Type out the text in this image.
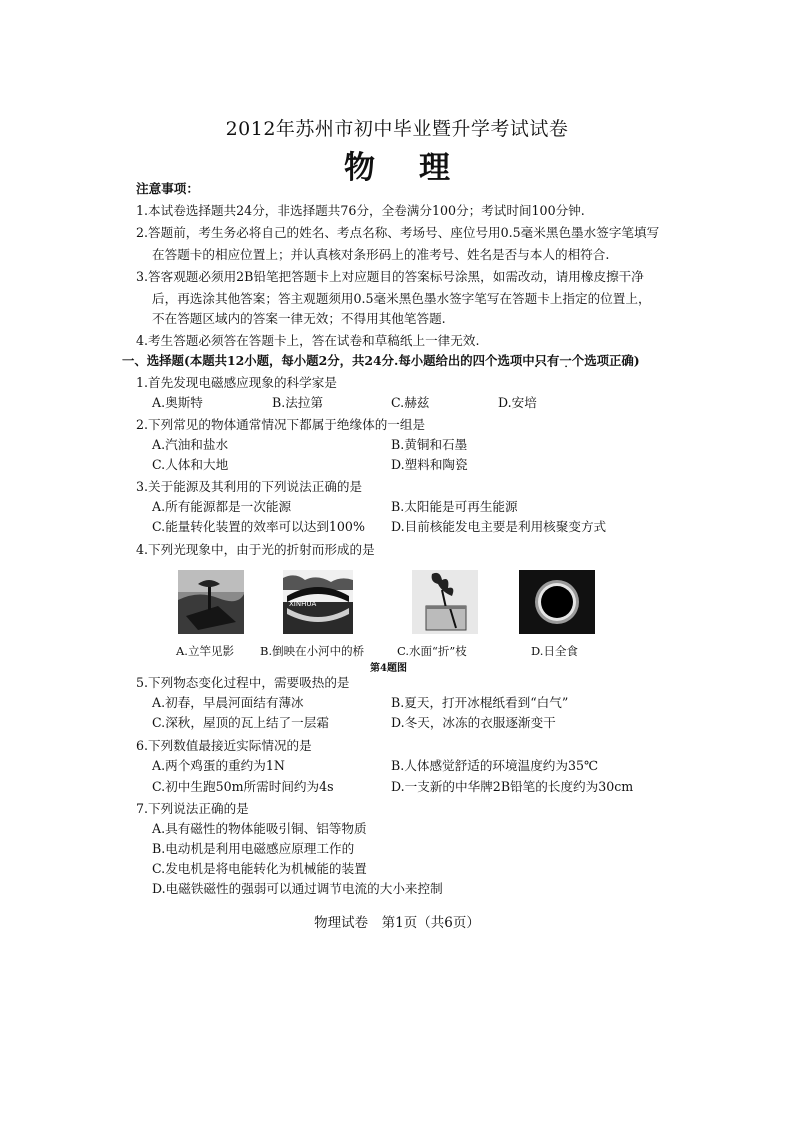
2012年苏州市初中毕业暨升学考试试卷
物理
注意事项：
1.本试卷选择题共24分，非选择题共76分，全卷满分100分；考试时间100分钟.
2.答题前，考生务必将自己的姓名、考点名称、考场号、座位号用0.5毫米黑色墨水签字笔填写
在答题卡的相应位置上；并认真核对条形码上的准考号、姓名是否与本人的相符合.
3.答客观题必须用2B铅笔把答题卡上对应题目的答案标号涂黑，如需改动，请用橡皮擦干净
后，再选涂其他答案；答主观题须用0.5毫米黑色墨水签字笔写在答题卡上指定的位置上，
不在答题区域内的答案一律无效；不得用其他笔答题.
4.考生答题必须答在答题卡上，答在试卷和草稿纸上一律无效.
一、选择题(本题共12小题，每小题2分，共24分.每小题给出的四个选项中只有一个 • • •选项正确)
1.首先发现电磁感应现象的科学家是
A.奥斯特	B.法拉第	C.赫兹	D.安培
2.下列常见的物体通常情况下都属于绝缘体的一组是
A.汽油和盐水	B.黄铜和石墨
C.人体和大地	D.塑料和陶瓷
3.关于能源及其利用的下列说法正确的是
A.所有能源都是一次能源	B.太阳能是可再生能源
C.能量转化装置的效率可以达到100% D.目前核能发电主要是利用核聚变方式
4.下列光现象中，由于光的折射而形成的是
XINHUA
A.立竿见影 B.倒映在小河中的桥	C.水面“折”枝	D.日全食
第4题图
5.下列物态变化过程中，需要吸热的是
A.初春，早晨河面结有薄冰	B.夏天，打开冰棍纸看到“白气”
C.深秋，屋顶的瓦上结了一层霜	D.冬天，冰冻的衣服逐渐变干
6.下列数值最接近实际情况的是
A.两个鸡蛋的重约为1N	B.人体感觉舒适的环境温度约为35℃
C.初中生跑50m所需时间约为4s	D.一支新的中华牌2B铅笔的长度约为30cm
7.下列说法正确的是
A.具有磁性的物体能吸引铜、铝等物质
B.电动机是利用电磁感应原理工作的
C.发电机是将电能转化为机械能的装置
D.电磁铁磁性的强弱可以通过调节电流的大小来控制
物理试卷　第1页（共6页）
